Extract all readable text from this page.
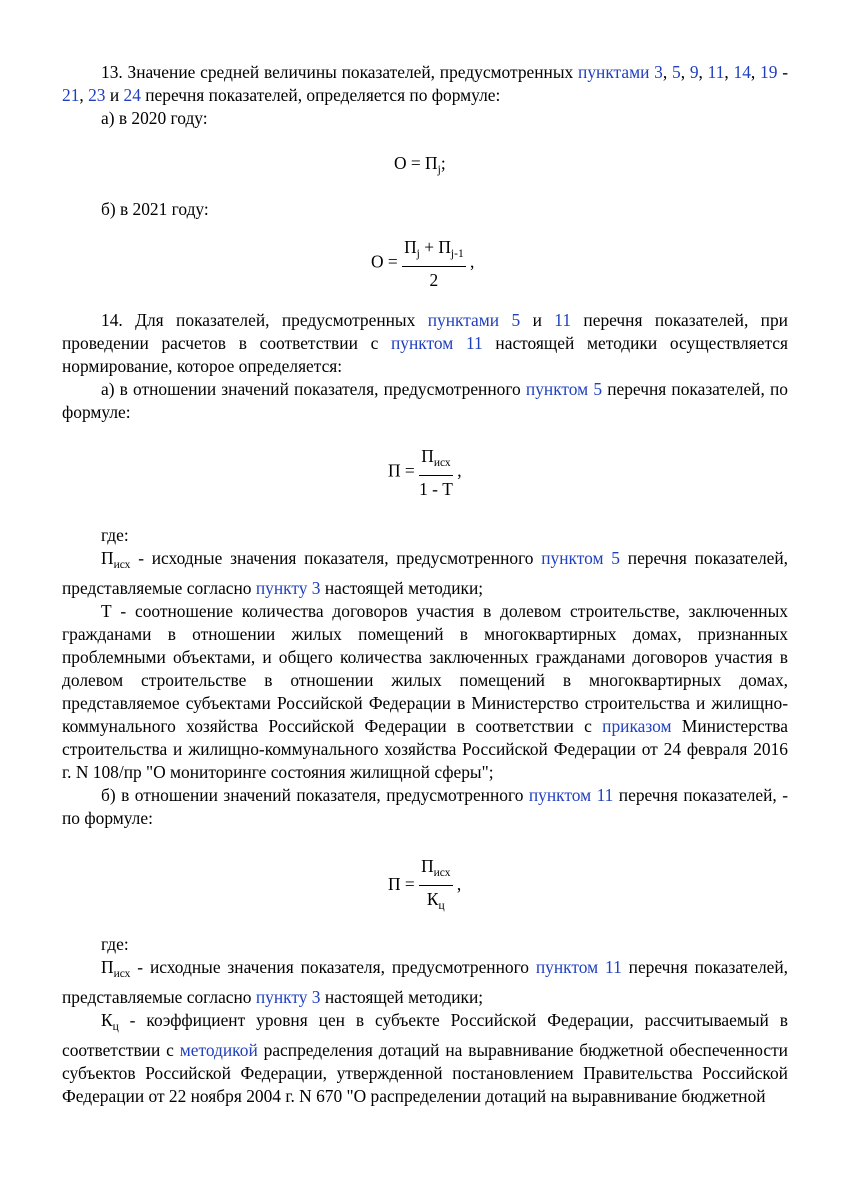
13. Значение средней величины показателей, предусмотренных пунктами 3, 5, 9, 11, 14, 19 - 21, 23 и 24 перечня показателей, определяется по формуле:

а) в 2020 году:

$О = П_j$;

б) в 2021 году:

$О = \frac{П_j + П_{j-1}}{2}$ ,

14. Для показателей, предусмотренных пунктами 5 и 11 перечня показателей, при проведении расчетов в соответствии с пунктом 11 настоящей методики осуществляется нормирование, которое определяется:

а) в отношении значений показателя, предусмотренного пунктом 5 перечня показателей, по формуле:

$П = \frac{П_{исх}}{1 - Т}$ ,

где:

$П_{исх}$ - исходные значения показателя, предусмотренного пунктом 5 перечня показателей, представляемые согласно пункту 3 настоящей методики;

Т - соотношение количества договоров участия в долевом строительстве, заключенных гражданами в отношении жилых помещений в многоквартирных домах, признанных проблемными объектами, и общего количества заключенных гражданами договоров участия в долевом строительстве в отношении жилых помещений в многоквартирных домах, представляемое субъектами Российской Федерации в Министерство строительства и жилищно-коммунального хозяйства Российской Федерации в соответствии с приказом Министерства строительства и жилищно-коммунального хозяйства Российской Федерации от 24 февраля 2016 г. N 108/пр "О мониторинге состояния жилищной сферы";

б) в отношении значений показателя, предусмотренного пунктом 11 перечня показателей, - по формуле:

$П = \frac{П_{исх}}{К_ц}$ ,

где:

$П_{исх}$ - исходные значения показателя, предусмотренного пунктом 11 перечня показателей, представляемые согласно пункту 3 настоящей методики;

$К_ц$ - коэффициент уровня цен в субъекте Российской Федерации, рассчитываемый в соответствии с методикой распределения дотаций на выравнивание бюджетной обеспеченности субъектов Российской Федерации, утвержденной постановлением Правительства Российской Федерации от 22 ноября 2004 г. N 670 "О распределении дотаций на выравнивание бюджетной
